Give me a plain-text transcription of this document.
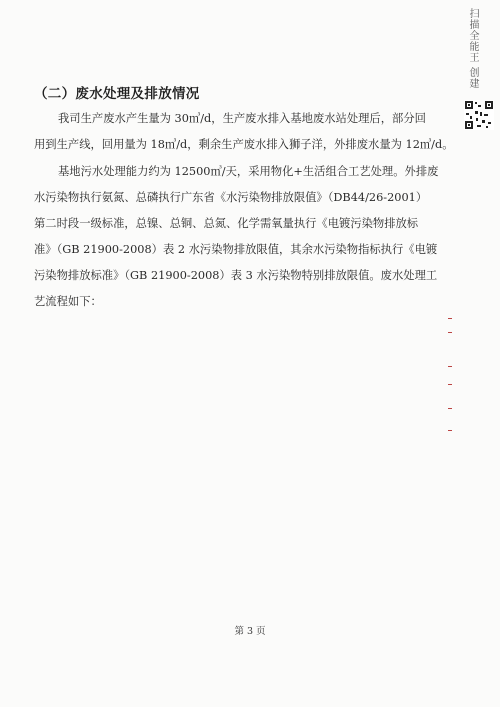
扫描全能王 创建
（二）废水处理及排放情况

我司生产废水产生量为 30㎥/d，生产废水排入基地废水站处理后，部分回
用到生产线，回用量为 18㎥/d，剩余生产废水排入狮子洋，外排废水量为 12㎥/d。

基地污水处理能力约为 12500㎥/天，采用物化+生活组合工艺处理。外排废
水污染物执行氨氮、总磷执行广东省《水污染物排放限值》（DB44/26-2001）
第二时段一级标准，总镍、总铜、总氮、化学需氧量执行《电镀污染物排放标
准》（GB 21900-2008）表 2 水污染物排放限值，其余水污染物指标执行《电镀
污染物排放标准》（GB 21900-2008）表 3 水污染物特别排放限值。废水处理工
艺流程如下：

第 3 页
